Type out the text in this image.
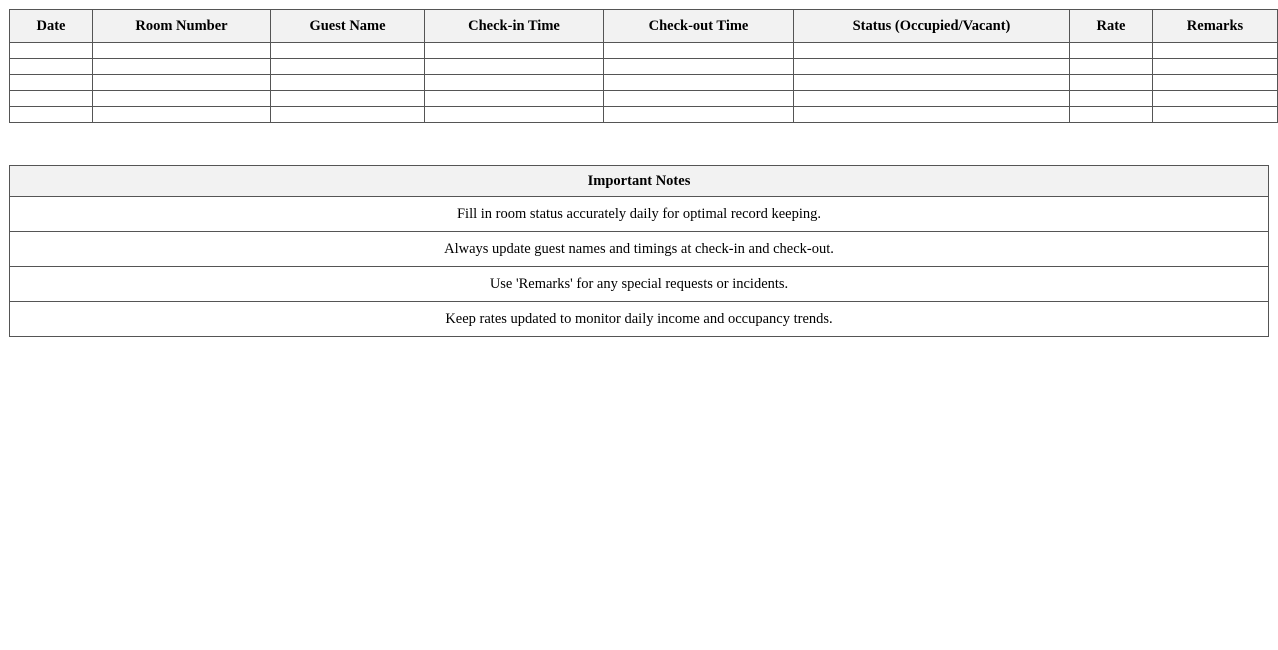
Date	Room Number	Guest Name	Check-in Time	Check-out Time	Status (Occupied/Vacant)	Rate	Remarks

Important Notes
Fill in room status accurately daily for optimal record keeping.
Always update guest names and timings at check-in and check-out.
Use 'Remarks' for any special requests or incidents.
Keep rates updated to monitor daily income and occupancy trends.
